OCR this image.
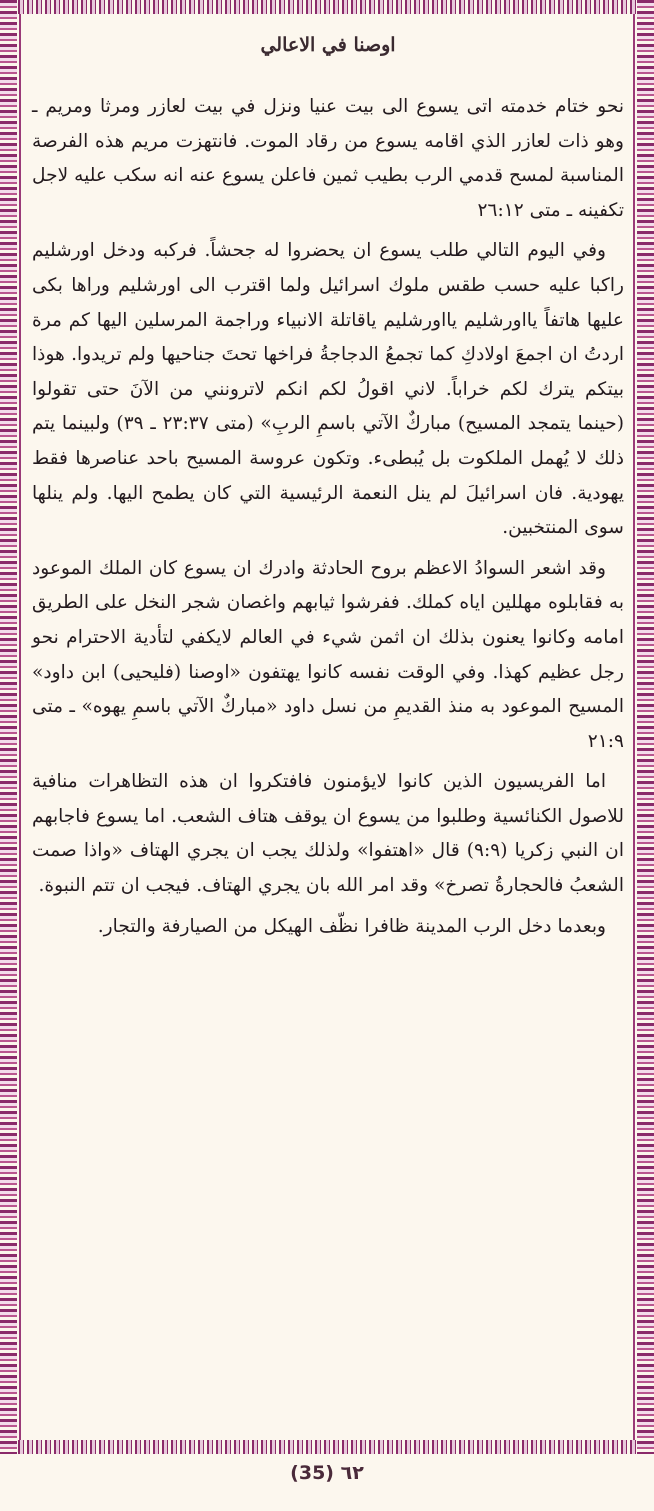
اوصنا في الاعالي

نحو ختام خدمته اتى يسوع الى بيت عنيا ونزل في بيت لعازر ومرثا ومريم ـ وهو ذات لعازر الذي اقامه يسوع من رقاد الموت. فانتهزت مريم هذه الفرصة المناسبة لمسح قدمي الرب بطيب ثمين فاعلن يسوع عنه انه سكب عليه لاجل تكفينه ـ متى ٢٦:١٢

وفي اليوم التالي طلب يسوع ان يحضروا له جحشاً. فركبه ودخل اورشليم راكبا عليه حسب طقس ملوك اسرائيل ولما اقترب الى اورشليم وراها بكى عليها هاتفاً يااورشليم يااورشليم ياقاتلة الانبياء وراجمة المرسلين اليها كم مرة اردتُ ان اجمعَ اولادكِ كما تجمعُ الدجاجةُ فراخها تحتَ جناحيها ولم تريدوا. هوذا بيتكم يترك لكم خراباً. لاني اقولُ لكم انكم لاترونني من الآنَ حتى تقولوا (حينما يتمجد المسيح) مباركٌ الآتي باسمِ الربِ» (متى ٢٣:٣٧ ـ ٣٩) ولبينما يتم ذلك لا يُهمل الملكوت بل يُبطىء. وتكون عروسة المسيح باحد عناصرها فقط يهودية. فان اسرائيلَ لم ينل النعمة الرئيسية التي كان يطمح اليها. ولم ينلها سوى المنتخبين.

وقد اشعر السوادُ الاعظم بروح الحادثة وادرك ان يسوع كان الملك الموعود به فقابلوه مهللين اياه كملك. ففرشوا ثيابهم واغصان شجر النخل على الطريق امامه وكانوا يعنون بذلك ان اثمن شيء في العالم لايكفي لتأدية الاحترام نحو رجل عظيم كهذا. وفي الوقت نفسه كانوا يهتفون «اوصنا (فليحيى) ابن داود» المسيح الموعود به منذ القديمِ من نسل داود «مباركٌ الآتي باسمِ يهوه» ـ متى ٢١:٩

اما الفريسيون الذين كانوا لايؤمنون فافتكروا ان هذه التظاهرات منافية للاصول الكنائسية وطلبوا من يسوع ان يوقف هتاف الشعب. اما يسوع فاجابهم ان النبي زكريا (٩:٩) قال «اهتفوا» ولذلك يجب ان يجري الهتاف «واذا صمت الشعبُ فالحجارةُ تصرخ» وقد امر الله بان يجري الهتاف. فيجب ان تتم النبوة.

وبعدما دخل الرب المدينة ظافرا نظّف الهيكل من الصيارفة والتجار.

(35) ٦٢
